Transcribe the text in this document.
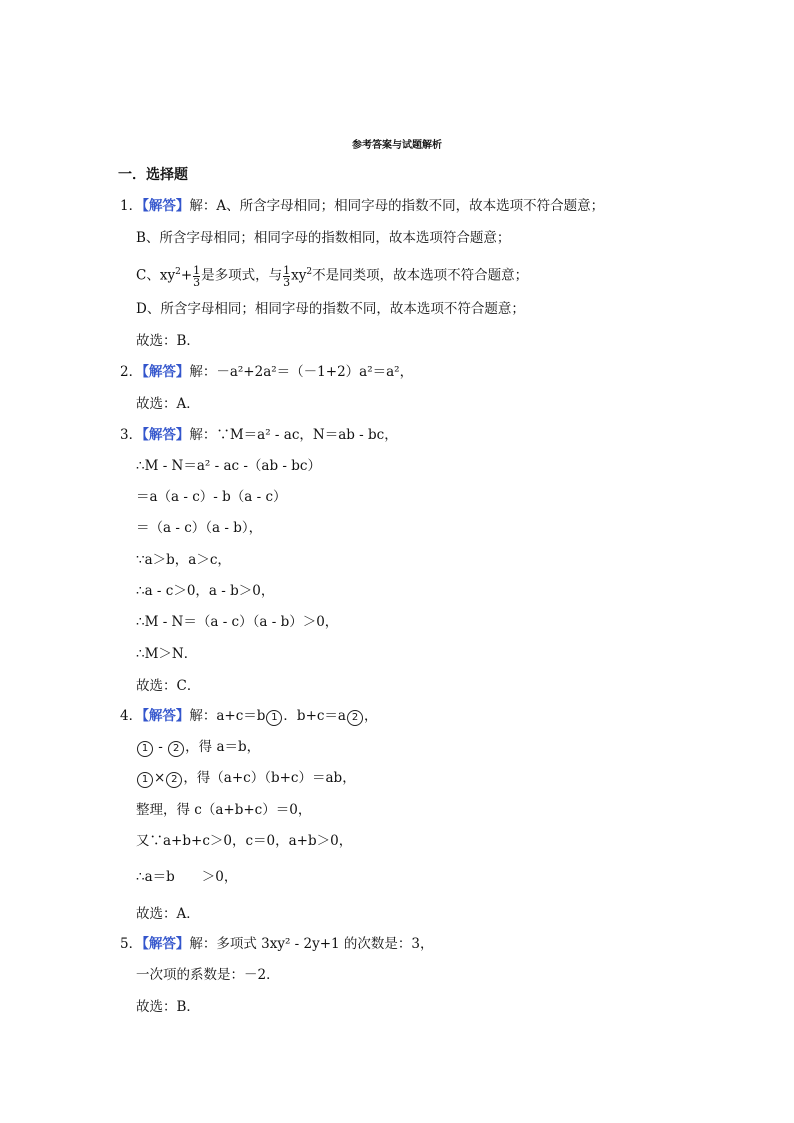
参考答案与试题解析
一．选择题
1．【解答】解：A、所含字母相同；相同字母的指数不同，故本选项不符合题意；
B、所含字母相同；相同字母的指数相同，故本选项符合题意；
C、$xy^2+ \frac{1}{3}$ 是多项式，与 $\frac{1}{3} xy^2$不是同类项，故本选项不符合题意；
D、所含字母相同；相同字母的指数不同，故本选项不符合题意；
故选：B．
2．【解答】解：－a²+2a²＝（－1+2）a²＝a²，
故选：A．
3．【解答】解：∵M＝a² - ac，N＝ab - bc，
∴M - N＝a² - ac -（ab - bc）
＝a（a - c）- b（a - c）
＝（a - c）（a - b），
∵a＞b，a＞c，
∴a - c＞0，a - b＞0，
∴M - N＝（a - c）（a - b）＞0，
∴M＞N．
故选：C．
4．【解答】解：a+c＝b 1 ．b+c＝a 2 ，
1 - 2 ，得 a＝b，
1 × 2 ，得（a+c）（b+c）＝ab，
整理，得 c（a+b+c）＝0，
又∵a+b+c＞0，c＝0，a+b＞0，
∴a＝b　　＞0，
故选：A．
5．【解答】解：多项式 3xy² - 2y+1 的次数是：3，
一次项的系数是：－2．
故选：B．
